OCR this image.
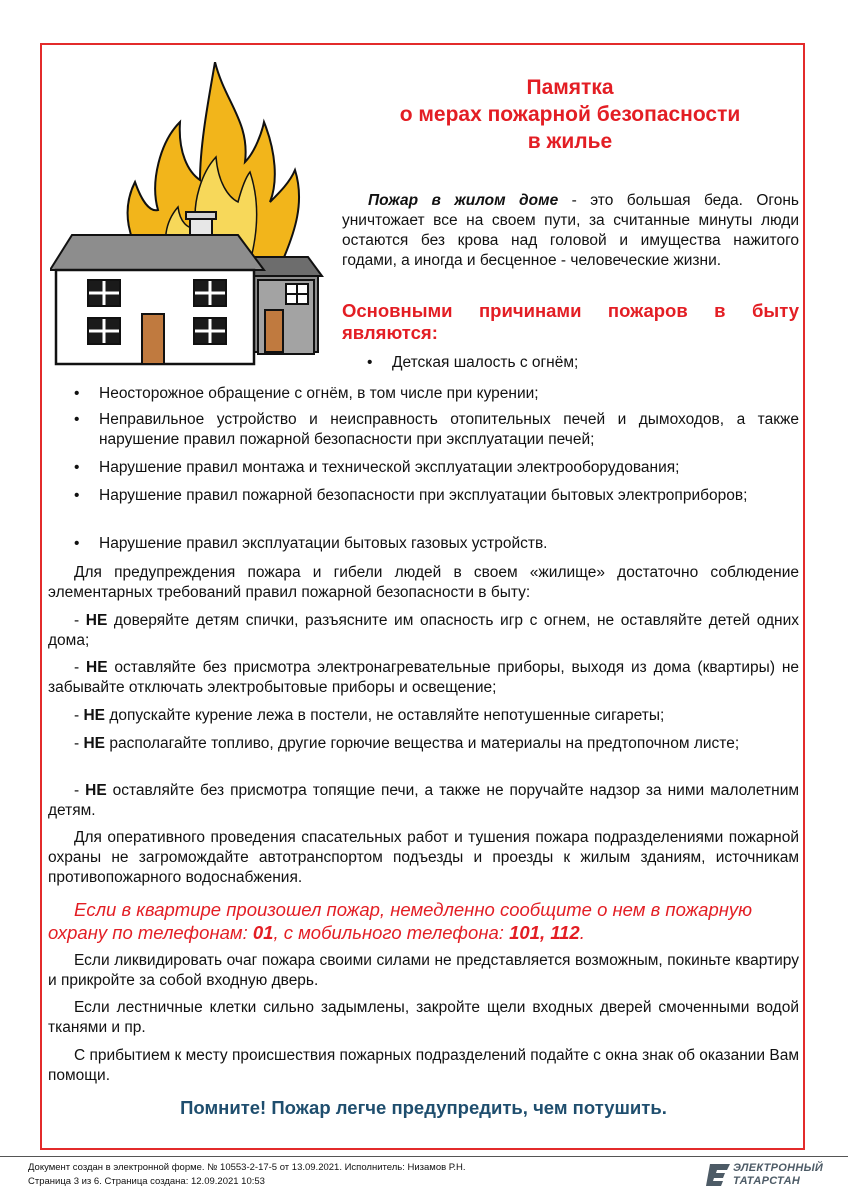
Памятка
о мерах пожарной безопасности
в жилье
Пожар в жилом доме - это большая беда. Огонь уничтожает все на своем пути, за считанные минуты люди остаются без крова над головой и имущества нажитого годами, а иногда и бесценное - человеческие жизни.
Основными причинами пожаров в быту являются:
• Детская шалость с огнём;
• Неосторожное обращение с огнём, в том числе при курении;
• Неправильное устройство и неисправность отопительных печей и дымоходов, а также нарушение правил пожарной безопасности при эксплуатации печей;
• Нарушение правил монтажа и технической эксплуатации электрооборудования;
• Нарушение правил пожарной безопасности при эксплуатации бытовых электроприборов;
• Нарушение правил эксплуатации бытовых газовых устройств.
Для предупреждения пожара и гибели людей в своем «жилище» достаточно соблюдение элементарных требований правил пожарной безопасности в быту:
- НЕ доверяйте детям спички, разъясните им опасность игр с огнем, не оставляйте детей одних дома;
- НЕ оставляйте без присмотра электронагревательные приборы, выходя из дома (квартиры) не забывайте отключать электробытовые приборы и освещение;
- НЕ допускайте курение лежа в постели, не оставляйте непотушенные сигареты;
- НЕ располагайте топливо, другие горючие вещества и материалы на предтопочном листе;
- НЕ оставляйте без присмотра топящие печи, а также не поручайте надзор за ними малолетним детям.
Для оперативного проведения спасательных работ и тушения пожара подразделениями пожарной охраны не загромождайте автотранспортом подъезды и проезды к жилым зданиям, источникам противопожарного водоснабжения.
Если в квартире произошел пожар, немедленно сообщите о нем в пожарную охрану по телефонам: 01, с мобильного телефона: 101, 112.
Если ликвидировать очаг пожара своими силами не представляется возможным, покиньте квартиру и прикройте за собой входную дверь.
Если лестничные клетки сильно задымлены, закройте щели входных дверей смоченными водой тканями и пр.
С прибытием к месту происшествия пожарных подразделений подайте с окна знак об оказании Вам помощи.
Помните! Пожар легче предупредить, чем потушить.
Документ создан в электронной форме. № 10553-2-17-5 от 13.09.2021. Исполнитель: Низамов Р.Н.
Страница 3 из 6. Страница создана: 12.09.2021 10:53
ЭЛЕКТРОННЫЙ
ТАТАРСТАН
